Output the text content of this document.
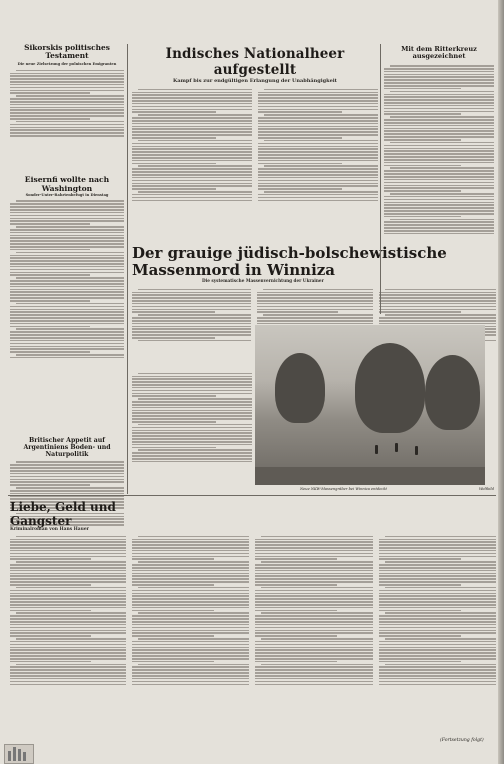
Sikorskis politisches Testament
Die neue Zielsetzung der polnischen Emigranten
Eisernfi wollte nach Washington
Sonder-Unter-Rahrtenbefugt in Dienstag
Britischer Appetit auf Argentiniens Boden- und Naturpolitik
Indisches Nationalheer aufgestellt
Kampf bis zur endgültigen Erlangung der Unabhängigkeit
Der grauige jüdisch-bolschewistische Massenmord in Winniza
Die systematische Massenvernichtung der Ukrainer
Neue NKW-Massengräber bei Winniza entdeckt	Weltbild
Mit dem Ritterkreuz ausgezeichnet
Liebe, Geld und Gangster
Kriminalroman von Hans Hauer
(Fortsetzung folgt)
